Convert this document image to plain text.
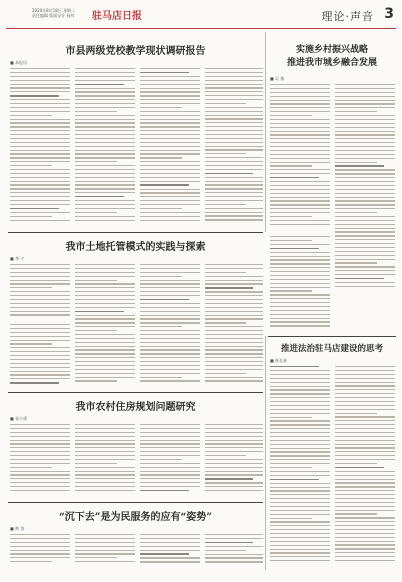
2020年8月18日 星期二
责任编辑 版面设计 校对 驻马店日报	理论·声音 3
市县两级党校教学现状调研报告
■ 本报讯
实施乡村振兴战略
推进我市城乡融合发展
■ 吴 敏
我市土地托管模式的实践与探索
■ 李 宁
推进法治驻马店建设的思考
■ 崔长春
我市农村住房规划问题研究
■ 张小勇
“沉下去”是为民服务的应有“姿势”
■ 黄 涛
